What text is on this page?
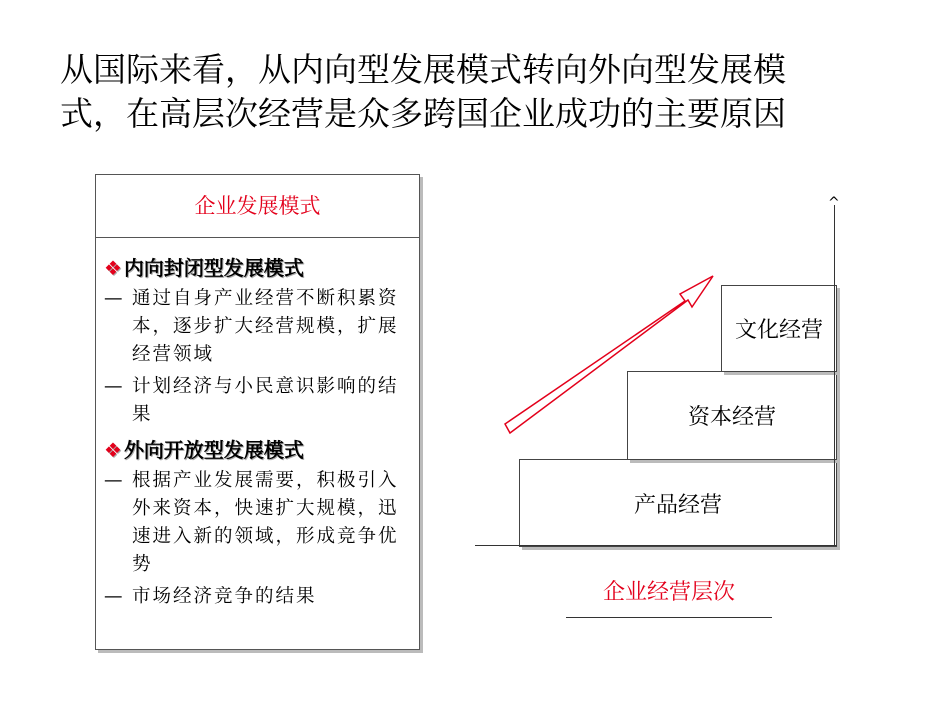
从国际来看，从内向型发展模式转向外向型发展模
式，在高层次经营是众多跨国企业成功的主要原因
企业发展模式
❖ 内向封闭型发展模式
— 通过自身产业经营不断积累资本，逐步扩大经营规模，扩展经营领域
— 计划经济与小民意识影响的结果
❖ 外向开放型发展模式
— 根据产业发展需要，积极引入外来资本，快速扩大规模，迅速进入新的领域，形成竞争优势
— 市场经济竞争的结果
产品经营
资本经营
文化经营
^
企业经营层次
